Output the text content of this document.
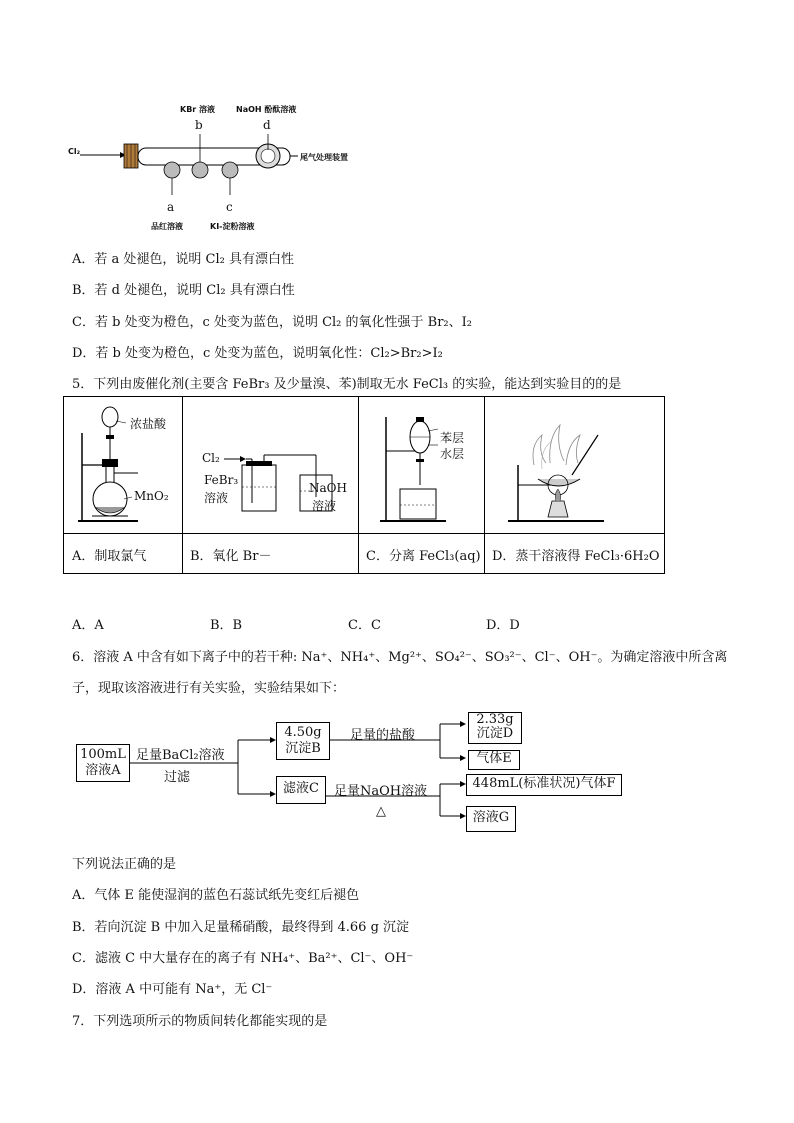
Cl₂
KBr 溶液	NaOH 酚酞溶液
b	d
a	c
品红溶液	KI-淀粉溶液
尾气处理装置
A．若 a 处褪色，说明 Cl₂ 具有漂白性
B．若 d 处褪色，说明 Cl₂ 具有漂白性
C．若 b 处变为橙色，c 处变为蓝色，说明 Cl₂ 的氧化性强于 Br₂、I₂
D．若 b 处变为橙色，c 处变为蓝色，说明氧化性：Cl₂>Br₂>I₂
5．下列由废催化剂(主要含 FeBr₃ 及少量溴、苯)制取无水 FeCl₃ 的实验，能达到实验目的的是
浓盐酸
MnO₂
Cl₂
FeBr₃
溶液
NaOH
溶液
苯层
水层
A．制取氯气	B．氧化 Br－	C．分离 FeCl₃(aq) D．蒸干溶液得 FeCl₃·6H₂O
A．A	B．B	C．C	D．D
6．溶液 A 中含有如下离子中的若干种: Na⁺、NH₄⁺、Mg²⁺、SO₄²⁻、SO₃²⁻、Cl⁻、OH⁻。为确定溶液中所含离
子，现取该溶液进行有关实验，实验结果如下：
100mL
溶液A
足量BaCl₂溶液
过滤
4.50g
沉淀B
足量的盐酸
2.33g
沉淀D
气体E
滤液C	足量NaOH溶液
△
448mL(标准状况)气体F
溶液G
下列说法正确的是
A．气体 E 能使湿润的蓝色石蕊试纸先变红后褪色
B．若向沉淀 B 中加入足量稀硝酸，最终得到 4.66 g 沉淀
C．滤液 C 中大量存在的离子有 NH₄⁺、Ba²⁺、Cl⁻、OH⁻
D．溶液 A 中可能有 Na⁺，无 Cl⁻
7．下列选项所示的物质间转化都能实现的是
